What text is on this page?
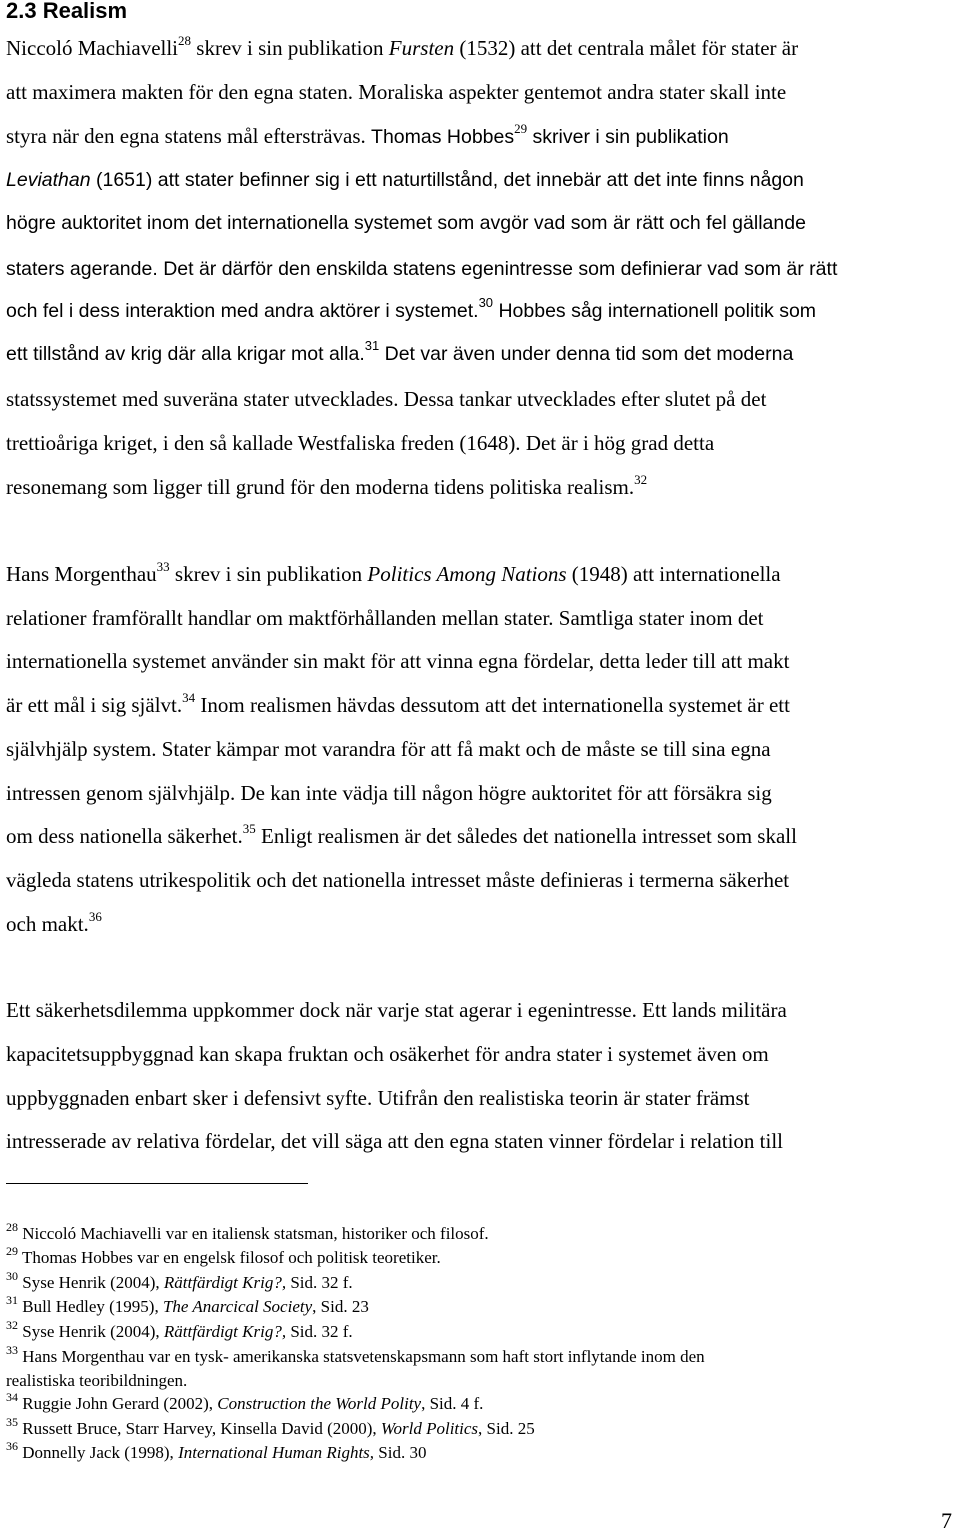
2.3 Realism
Niccoló Machiavelli$^{28}$ skrev i sin publikation Fursten (1532) att det centrala målet för stater är
att maximera makten för den egna staten. Moraliska aspekter gentemot andra stater skall inte
styra när den egna statens mål eftersträvas. Thomas Hobbes$^{29}$ skriver i sin publikation
Leviathan (1651) att stater befinner sig i ett naturtillstånd, det innebär att det inte finns någon
högre auktoritet inom det internationella systemet som avgör vad som är rätt och fel gällande
staters agerande. Det är därför den enskilda statens egenintresse som definierar vad som är rätt
och fel i dess interaktion med andra aktörer i systemet.$^{30}$ Hobbes såg internationell politik som
ett tillstånd av krig där alla krigar mot alla.$^{31}$ Det var även under denna tid som det moderna
statssystemet med suveräna stater utvecklades. Dessa tankar utvecklades efter slutet på det
trettioåriga kriget, i den så kallade Westfaliska freden (1648). Det är i hög grad detta
resonemang som ligger till grund för den moderna tidens politiska realism.$^{32}$
Hans Morgenthau$^{33}$ skrev i sin publikation Politics Among Nations (1948) att internationella
relationer framförallt handlar om maktförhållanden mellan stater. Samtliga stater inom det
internationella systemet använder sin makt för att vinna egna fördelar, detta leder till att makt
är ett mål i sig självt.$^{34}$ Inom realismen hävdas dessutom att det internationella systemet är ett
självhjälp system. Stater kämpar mot varandra för att få makt och de måste se till sina egna
intressen genom självhjälp. De kan inte vädja till någon högre auktoritet för att försäkra sig
om dess nationella säkerhet.$^{35}$ Enligt realismen är det således det nationella intresset som skall
vägleda statens utrikespolitik och det nationella intresset måste definieras i termerna säkerhet
och makt.$^{36}$
Ett säkerhetsdilemma uppkommer dock när varje stat agerar i egenintresse. Ett lands militära
kapacitetsuppbyggnad kan skapa fruktan och osäkerhet för andra stater i systemet även om
uppbyggnaden enbart sker i defensivt syfte. Utifrån den realistiska teorin är stater främst
intresserade av relativa fördelar, det vill säga att den egna staten vinner fördelar i relation till
$^{28}$ Niccoló Machiavelli var en italiensk statsman, historiker och filosof.
$^{29}$ Thomas Hobbes var en engelsk filosof och politisk teoretiker.
$^{30}$ Syse Henrik (2004), Rättfärdigt Krig?, Sid. 32 f.
$^{31}$ Bull Hedley (1995), The Anarcical Society, Sid. 23
$^{32}$ Syse Henrik (2004), Rättfärdigt Krig?, Sid. 32 f.
$^{33}$ Hans Morgenthau var en tysk- amerikanska statsvetenskapsmann som haft stort inflytande inom den
realistiska teoribildningen.
$^{34}$ Ruggie John Gerard (2002), Construction the World Polity, Sid. 4 f.
$^{35}$ Russett Bruce, Starr Harvey, Kinsella David (2000), World Politics, Sid. 25
$^{36}$ Donnelly Jack (1998), International Human Rights, Sid. 30
7
